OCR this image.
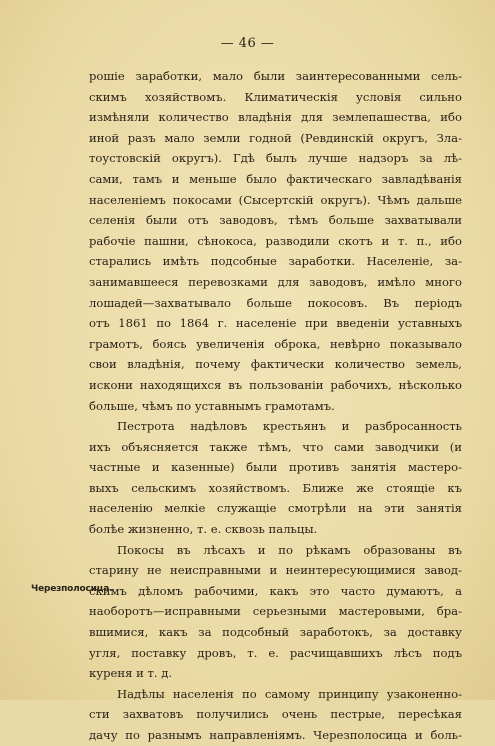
— 46 —
Черезполосица.
рошіе заработки, мало были заинтересованными сель-
скимъ хозяйствомъ. Климатическія условія сильно
измѣняли количество владѣнія для землепашества, ибо
иной разъ мало земли годной (Ревдинскій округъ, Зла-
тоустовскій округъ). Гдѣ былъ лучше надзоръ за лѣ-
сами, тамъ и меньше было фактическаго завладѣванія
населеніемъ покосами (Сысертскій округъ). Чѣмъ дальше
селенія были отъ заводовъ, тѣмъ больше захватывали
рабочіе пашни, сѣнокоса, разводили скотъ и т. п., ибо
старались имѣть подсобные заработки. Населеніе, за-
занимавшееся перевозками для заводовъ, имѣло много
лошадей—захватывало больше покосовъ. Въ періодъ
отъ 1861 по 1864 г. населеніе при введеніи уставныхъ
грамотъ, боясь увеличенія оброка, невѣрно показывало
свои владѣнія, почему фактически количество земель,
искони находящихся въ пользованіи рабочихъ, нѣсколько
больше, чѣмъ по уставнымъ грамотамъ.
Пестрота надѣловъ крестьянъ и разбросанность
ихъ объясняется также тѣмъ, что сами заводчики (и
частные и казенные) были противъ занятія мастеро-
выхъ сельскимъ хозяйствомъ. Ближе же стоящіе къ
населенію мелкіе служащіе смотрѣли на эти занятія
болѣе жизненно, т. е. сквозь пальцы.
Покосы въ лѣсахъ и по рѣкамъ образованы въ
старину не неисправными и неинтересующимися завод-
скимъ дѣломъ рабочими, какъ это часто думаютъ, а
наоборотъ—исправными серьезными мастеровыми, бра-
вшимися, какъ за подсобный заработокъ, за доставку
угля, поставку дровъ, т. е. расчищавшихъ лѣсъ подъ
куреня и т. д.
Надѣлы населенія по самому принципу узаконенно-
сти захватовъ получились очень пестрые, пересѣкая
дачу по разнымъ направленіямъ. Черезполосица и боль-
